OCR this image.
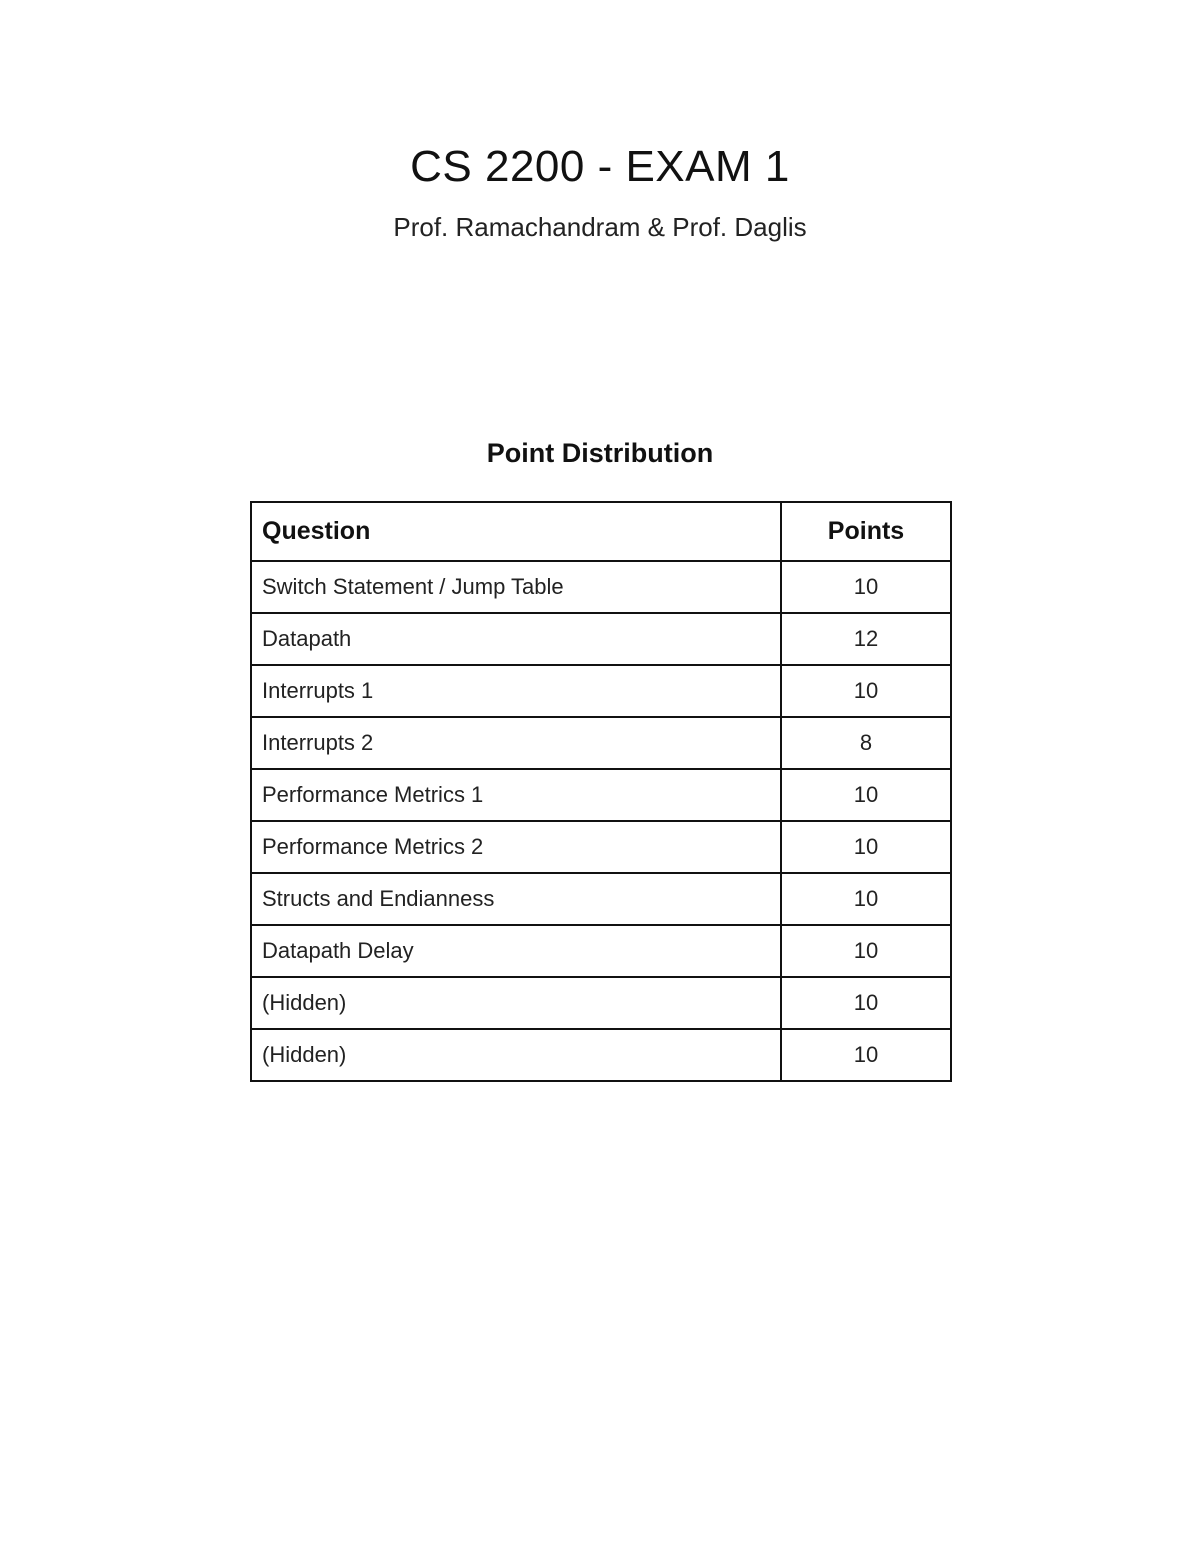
CS 2200 - EXAM 1
Prof. Ramachandram & Prof. Daglis
Point Distribution
Question	Points
Switch Statement / Jump Table	10
Datapath	12
Interrupts 1	10
Interrupts 2	8
Performance Metrics 1	10
Performance Metrics 2	10
Structs and Endianness	10
Datapath Delay	10
(Hidden)	10
(Hidden)	10
